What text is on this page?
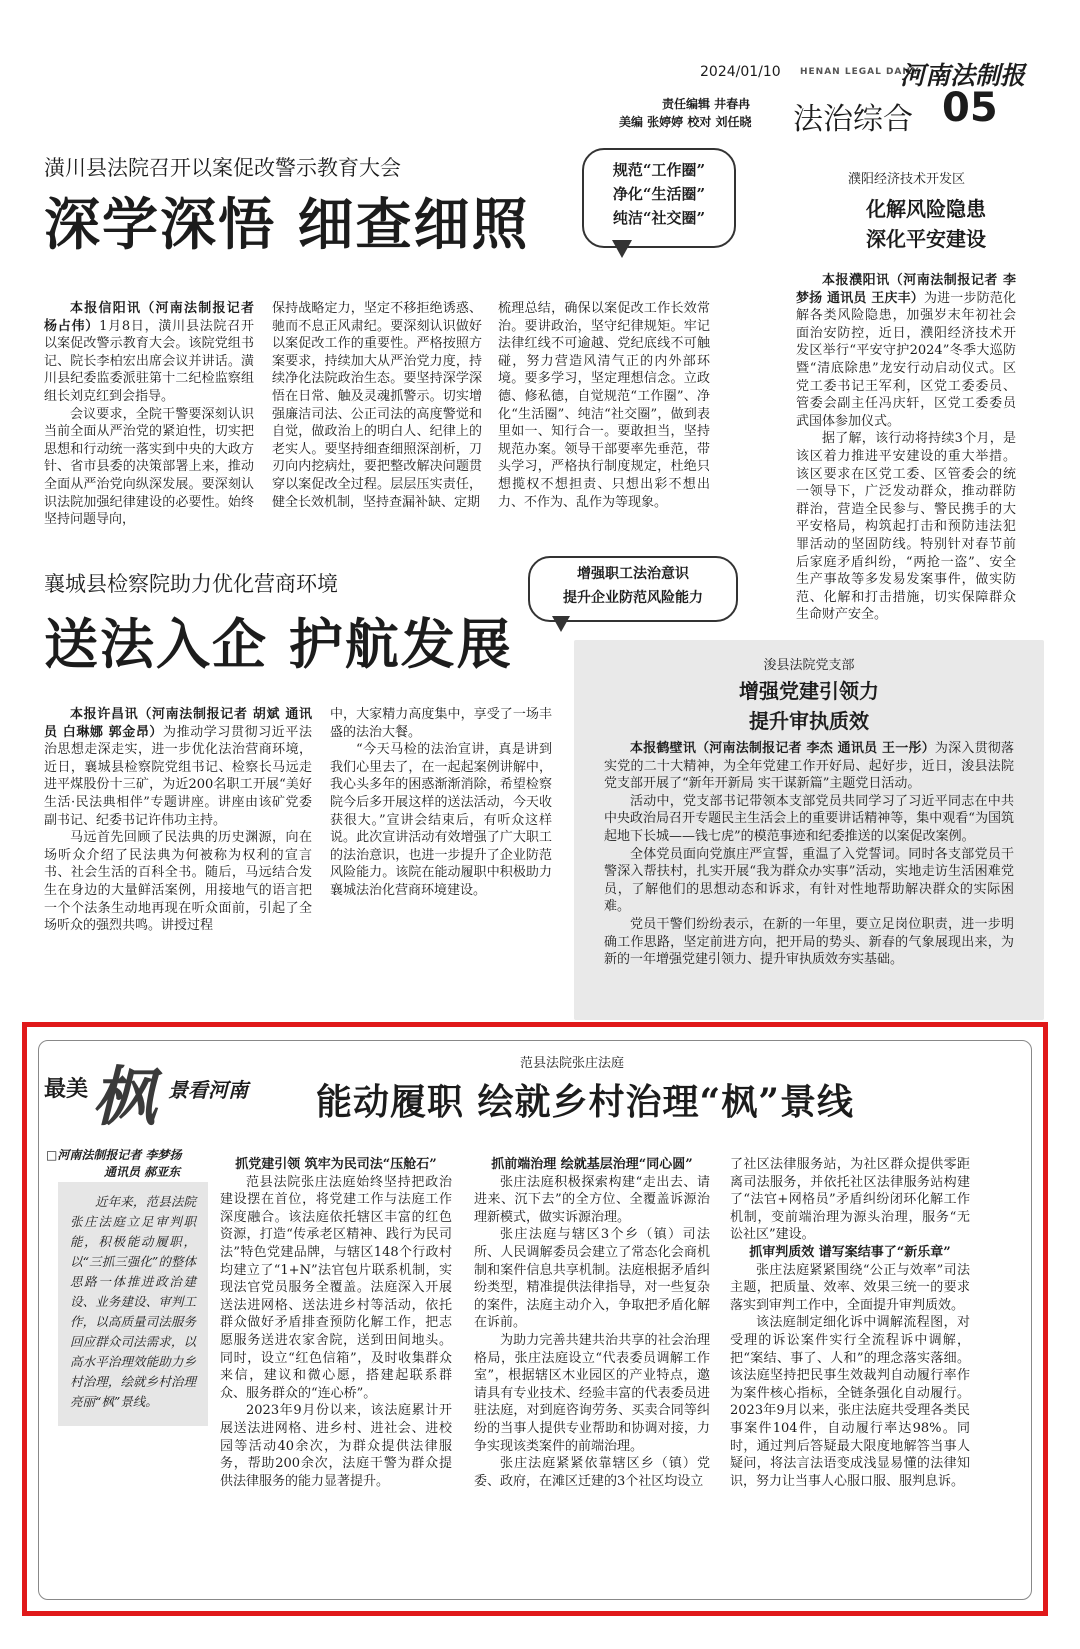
2024/01/10 HENAN LEGAL DAILY
河南法制报
责任编辑 井春冉
美编 张婷婷 校对 刘任晓 法治综合 05
潢川县法院召开以案促改警示教育大会
深学深悟 细查细照
规范“工作圈”
净化“生活圈”
纯洁“社交圈”

本报信阳讯（河南法制报记者 杨占伟）1月8日，潢川县法院召开以案促改警示教育大会。该院党组书记、院长李柏宏出席会议并讲话。潢川县纪委监委派驻第十二纪检监察组组长刘克红到会指导。
会议要求，全院干警要深刻认识当前全面从严治党的紧迫性，切实把思想和行动统一落实到中央的大政方针、省市县委的决策部署上来，推动全面从严治党向纵深发展。要深刻认识法院加强纪律建设的必要性。始终坚持问题导向，

保持战略定力，坚定不移拒绝诱惑、驰而不息正风肃纪。要深刻认识做好以案促改工作的重要性。严格按照方案要求，持续加大从严治党力度，持续净化法院政治生态。要坚持深学深悟在日常、触及灵魂抓警示。切实增强廉洁司法、公正司法的高度警觉和自觉，做政治上的明白人、纪律上的老实人。要坚持细查细照深剖析，刀刃向内挖病灶，要把整改解决问题贯穿以案促改全过程。层层压实责任，健全长效机制，坚持查漏补缺、定期

梳理总结，确保以案促改工作长效常治。要讲政治，坚守纪律规矩。牢记法律红线不可逾越、党纪底线不可触碰，努力营造风清气正的内外部环境。要多学习，坚定理想信念。立政德、修私德，自觉规范“工作圈”、净化“生活圈”、纯洁“社交圈”，做到表里如一、知行合一。要敢担当，坚持规范办案。领导干部要率先垂范，带头学习，严格执行制度规定，杜绝只想揽权不想担责、只想出彩不想出力、不作为、乱作为等现象。

濮阳经济技术开发区
化解风险隐患
深化平安建设

本报濮阳讯（河南法制报记者 李梦扬 通讯员 王庆丰）为进一步防范化解各类风险隐患，加强岁末年初社会面治安防控，近日，濮阳经济技术开发区举行“平安守护2024”冬季大巡防暨“清底除患”龙安行动启动仪式。区党工委书记王军利，区党工委委员、管委会副主任冯庆轩，区党工委委员武国体参加仪式。
据了解，该行动将持续3个月，是该区着力推进平安建设的重大举措。该区要求在区党工委、区管委会的统一领导下，广泛发动群众，推动群防群治，营造全民参与、警民携手的大平安格局，构筑起打击和预防违法犯罪活动的坚固防线。特别针对春节前后家庭矛盾纠纷，“两抢一盗”、安全生产事故等多发易发案事件，做实防范、化解和打击措施，切实保障群众生命财产安全。

襄城县检察院助力优化营商环境
送法入企 护航发展
增强职工法治意识
提升企业防范风险能力

本报许昌讯（河南法制报记者 胡斌 通讯员 白琳娜 郭金昂）为推动学习贯彻习近平法治思想走深走实，进一步优化法治营商环境，近日，襄城县检察院党组书记、检察长马远走进平煤股份十三矿，为近200名职工开展“美好生活·民法典相伴”专题讲座。讲座由该矿党委副书记、纪委书记许伟功主持。
马远首先回顾了民法典的历史渊源，向在场听众介绍了民法典为何被称为权利的宣言书、社会生活的百科全书。随后，马远结合发生在身边的大量鲜活案例，用接地气的语言把一个个法条生动地再现在听众面前，引起了全场听众的强烈共鸣。讲授过程

中，大家精力高度集中，享受了一场丰盛的法治大餐。
“今天马检的法治宣讲，真是讲到我们心里去了，在一起起案例讲解中，我心头多年的困惑渐渐消除，希望检察院今后多开展这样的送法活动，今天收获很大。”宣讲会结束后，有听众这样说。此次宣讲活动有效增强了广大职工的法治意识，也进一步提升了企业防范风险能力。该院在能动履职中积极助力襄城法治化营商环境建设。

浚县法院党支部
增强党建引领力
提升审执质效

本报鹤壁讯（河南法制报记者 李杰 通讯员 王一彤）为深入贯彻落实党的二十大精神，为全年党建工作开好局、起好步，近日，浚县法院党支部开展了“新年开新局 实干谋新篇”主题党日活动。
活动中，党支部书记带领本支部党员共同学习了习近平同志在中共中央政治局召开专题民主生活会上的重要讲话精神等，集中观看“为国筑起地下长城——钱七虎”的模范事迹和纪委推送的以案促改案例。
全体党员面向党旗庄严宣誓，重温了入党誓词。同时各支部党员干警深入帮扶村，扎实开展“我为群众办实事”活动，实地走访生活困难党员，了解他们的思想动态和诉求，有针对性地帮助解决群众的实际困难。
党员干警们纷纷表示，在新的一年里，要立足岗位职责，进一步明确工作思路，坚定前进方向，把开局的势头、新春的气象展现出来，为新的一年增强党建引领力、提升审执质效夯实基础。

最美 枫 景看河南
范县法院张庄法庭
能动履职 绘就乡村治理“枫”景线
□河南法制报记者 李梦扬
通讯员 郝亚东

近年来，范县法院张庄法庭立足审判职能，积极能动履职，以“三抓三强化”的整体思路一体推进政治建设、业务建设、审判工作，以高质量司法服务回应群众司法需求，以高水平治理效能助力乡村治理，绘就乡村治理亮丽“枫”景线。

抓党建引领 筑牢为民司法“压舱石”

范县法院张庄法庭始终坚持把政治建设摆在首位，将党建工作与法庭工作深度融合。该法庭依托辖区丰富的红色资源，打造“传承老区精神、践行为民司法”特色党建品牌，与辖区148个行政村均建立了“1+N”法官包片联系机制，实现法官党员服务全覆盖。法庭深入开展送法进网格、送法进乡村等活动，依托群众做好矛盾排查预防化解工作，把志愿服务送进农家舍院，送到田间地头。同时，设立“红色信箱”，及时收集群众来信，建议和微心愿，搭建起联系群众、服务群众的“连心桥”。
2023年9月份以来，该法庭累计开展送法进网格、进乡村、进社会、进校园等活动40余次，为群众提供法律服务，帮助200余次，法庭干警为群众提供法律服务的能力显著提升。

抓前端治理 绘就基层治理“同心圆”

张庄法庭积极探索构建“走出去、请进来、沉下去”的全方位、全覆盖诉源治理新模式，做实诉源治理。
张庄法庭与辖区3个乡（镇）司法所、人民调解委员会建立了常态化会商机制和案件信息共享机制。法庭根据矛盾纠纷类型，精准提供法律指导，对一些复杂的案件，法庭主动介入，争取把矛盾化解在诉前。
为助力完善共建共治共享的社会治理格局，张庄法庭设立“代表委员调解工作室”，根据辖区木业园区的产业特点，邀请具有专业技术、经验丰富的代表委员进驻法庭，对到庭咨询劳务、买卖合同等纠纷的当事人提供专业帮助和协调对接，力争实现该类案件的前端治理。
张庄法庭紧紧依靠辖区乡（镇）党委、政府，在滩区迁建的3个社区均设立

了社区法律服务站，为社区群众提供零距离司法服务，并依托社区法律服务站构建了“法官+网格员”矛盾纠纷闭环化解工作机制，变前端治理为源头治理，服务“无讼社区”建设。

抓审判质效 谱写案结事了“新乐章”

张庄法庭紧紧围绕“公正与效率”司法主题，把质量、效率、效果三统一的要求落实到审判工作中，全面提升审判质效。
该法庭制定细化诉中调解流程图，对受理的诉讼案件实行全流程诉中调解，把“案结、事了、人和”的理念落实落细。该法庭坚持把民事生效裁判自动履行率作为案件核心指标，全链条强化自动履行。2023年9月以来，张庄法庭共受理各类民事案件104件，自动履行率达98%。同时，通过判后答疑最大限度地解答当事人疑问，将法言法语变成浅显易懂的法律知识，努力让当事人心服口服、服判息诉。
